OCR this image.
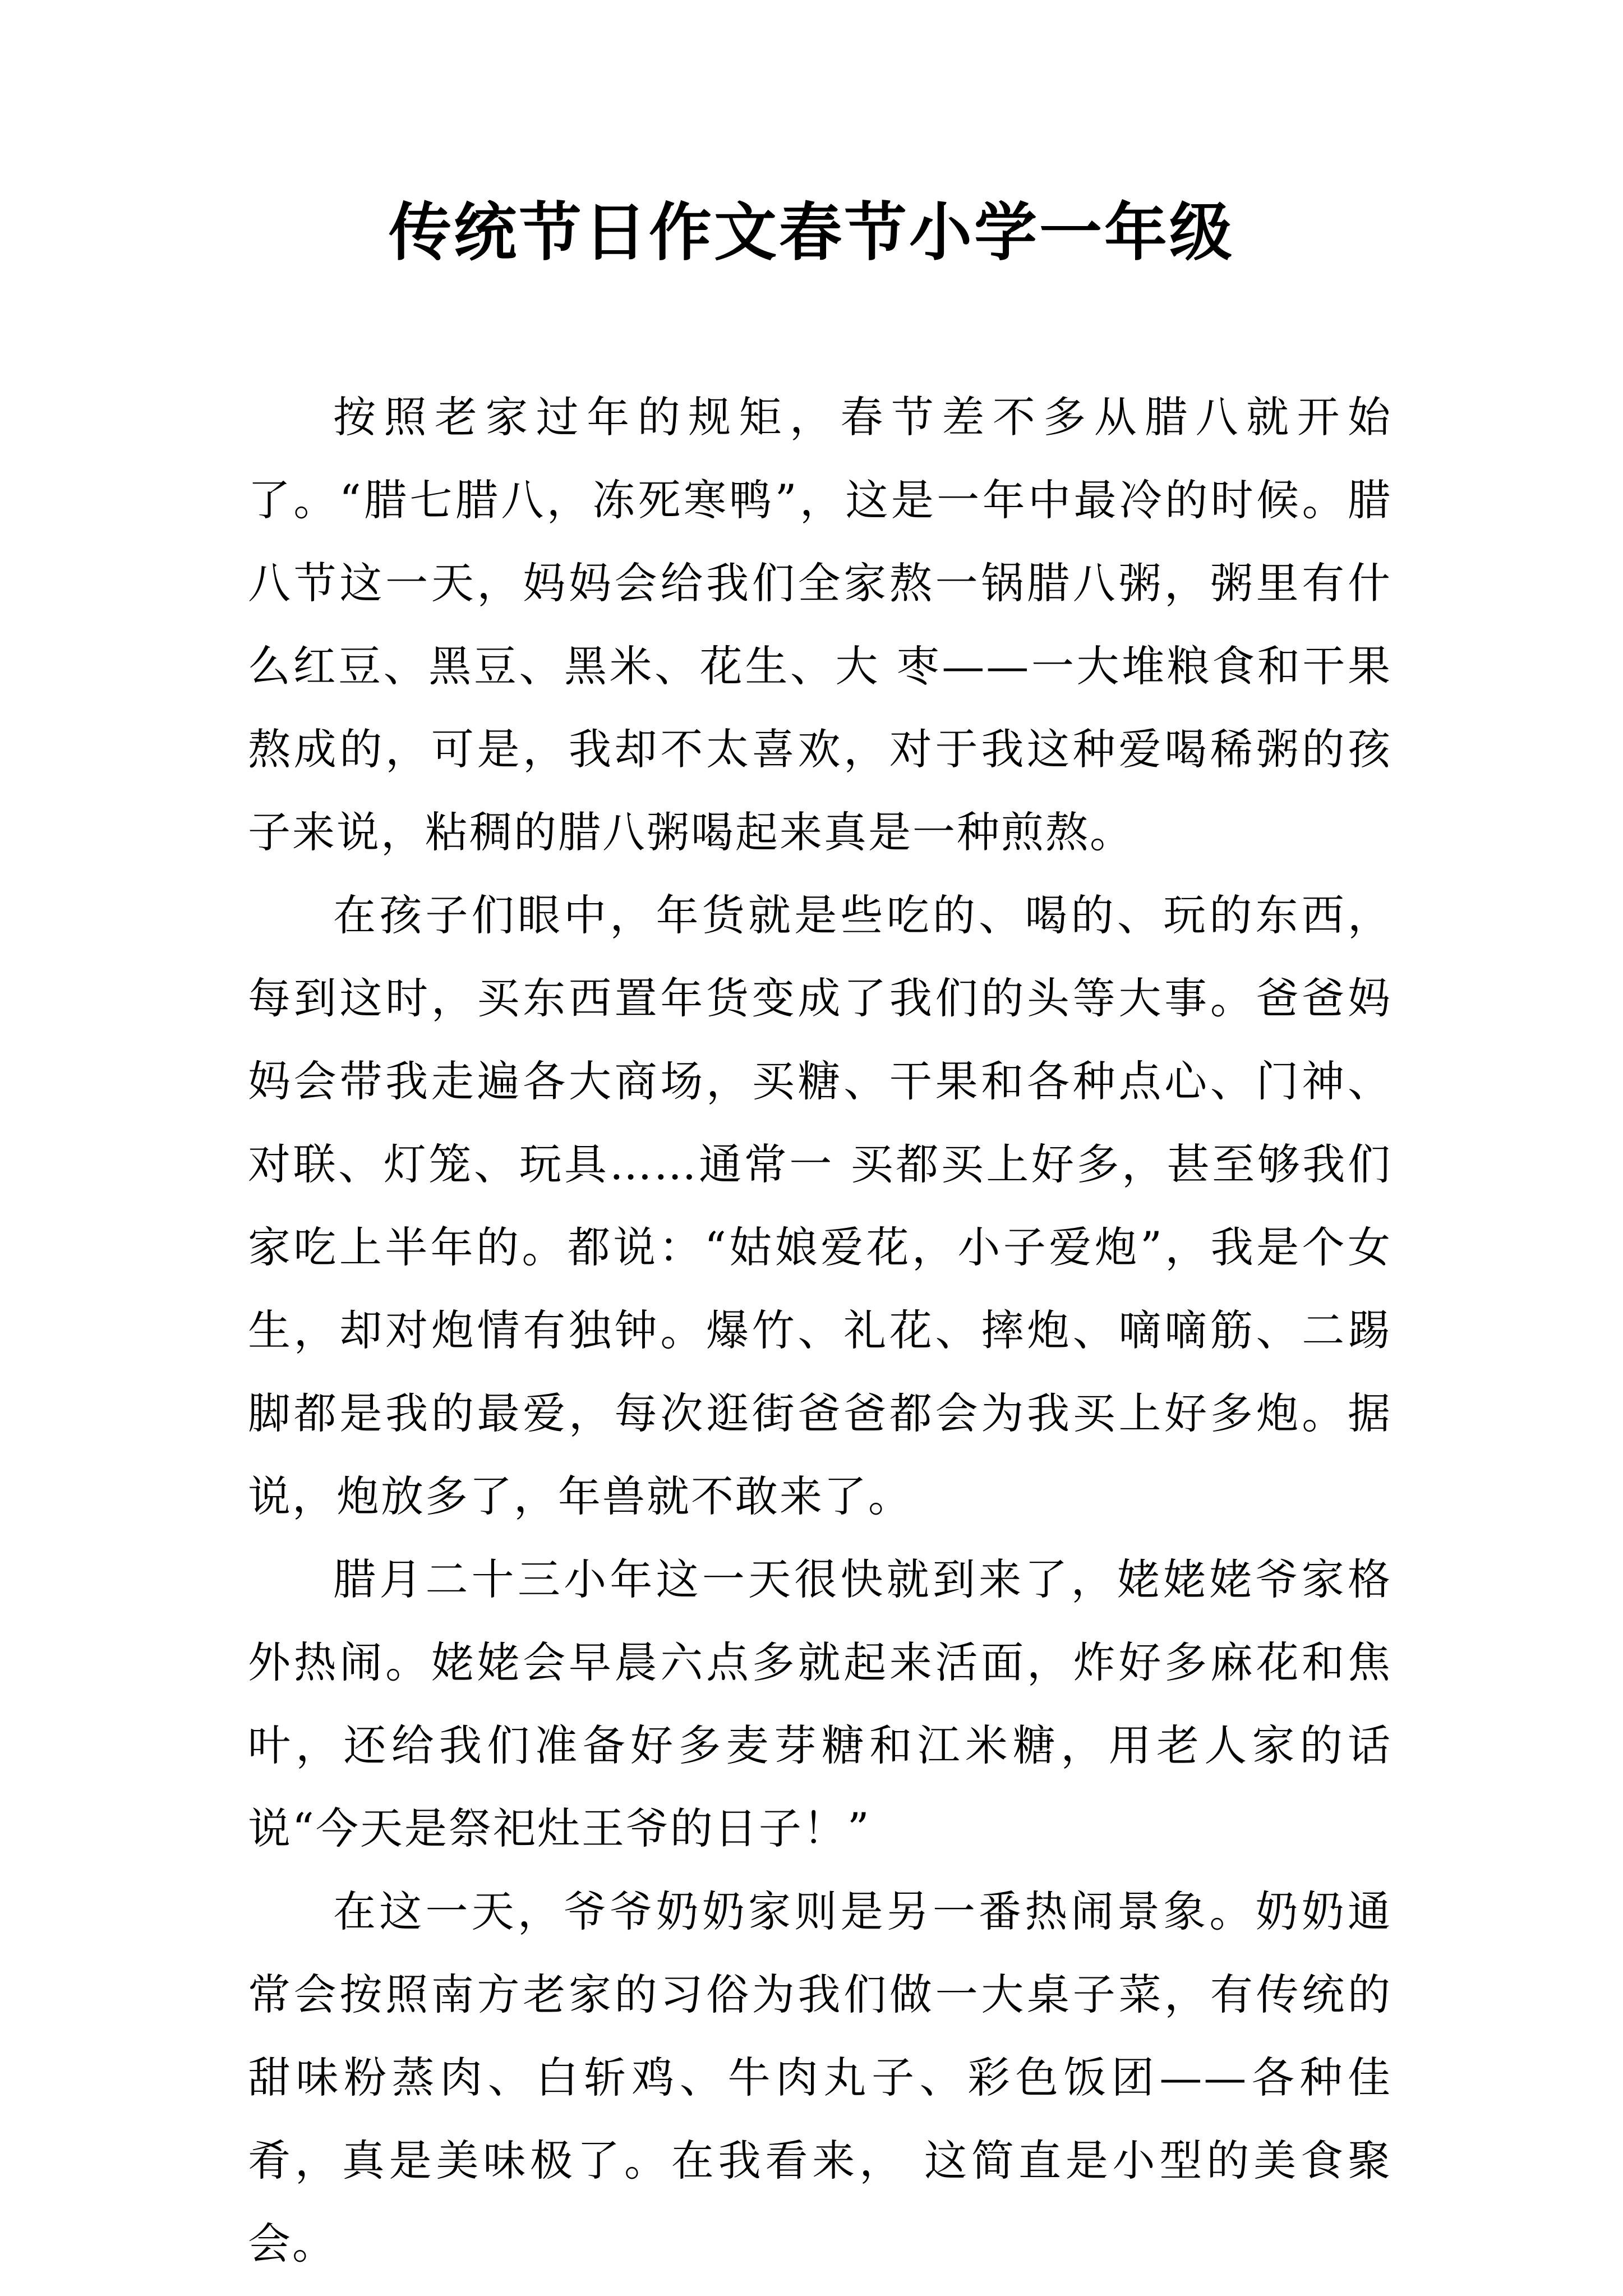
传统节日作文春节小学一年级

按照老家过年的规矩，春节差不多从腊八就开始了。“腊七腊八，冻死寒鸭”，这是一年中最冷的时候。腊八节这一天，妈妈会给我们全家熬一锅腊八粥，粥里有什么红豆、黑豆、黑米、花生、大 枣——一大堆粮食和干果熬成的，可是，我却不太喜欢，对于我这种爱喝稀粥的孩子来说，粘稠的腊八粥喝起来真是一种煎熬。

在孩子们眼中，年货就是些吃的、喝的、玩的东西，每到这时，买东西置年货变成了我们的头等大事。爸爸妈妈会带我走遍各大商场，买糖、干果和各种点心、门神、对联、灯笼、玩具……通常一 买都买上好多，甚至够我们家吃上半年的。都说：“姑娘爱花，小子爱炮”，我是个女生，却对炮情有独钟。爆竹、礼花、摔炮、嘀嘀筋、二踢脚都是我的最爱，每次逛街爸爸都会为我买上好多炮。据 说，炮放多了，年兽就不敢来了。

腊月二十三小年这一天很快就到来了，姥姥姥爷家格外热闹。姥姥会早晨六点多就起来活面，炸好多麻花和焦叶，还给我们准备好多麦芽糖和江米糖，用老人家的话说“今天是祭祀灶王爷的日子！”

在这一天，爷爷奶奶家则是另一番热闹景象。奶奶通常会按照南方老家的习俗为我们做一大桌子菜，有传统的甜味粉蒸肉、白斩鸡、牛肉丸子、彩色饭团——各种佳肴，真是美味极了。在我看来， 这简直是小型的美食聚会。
